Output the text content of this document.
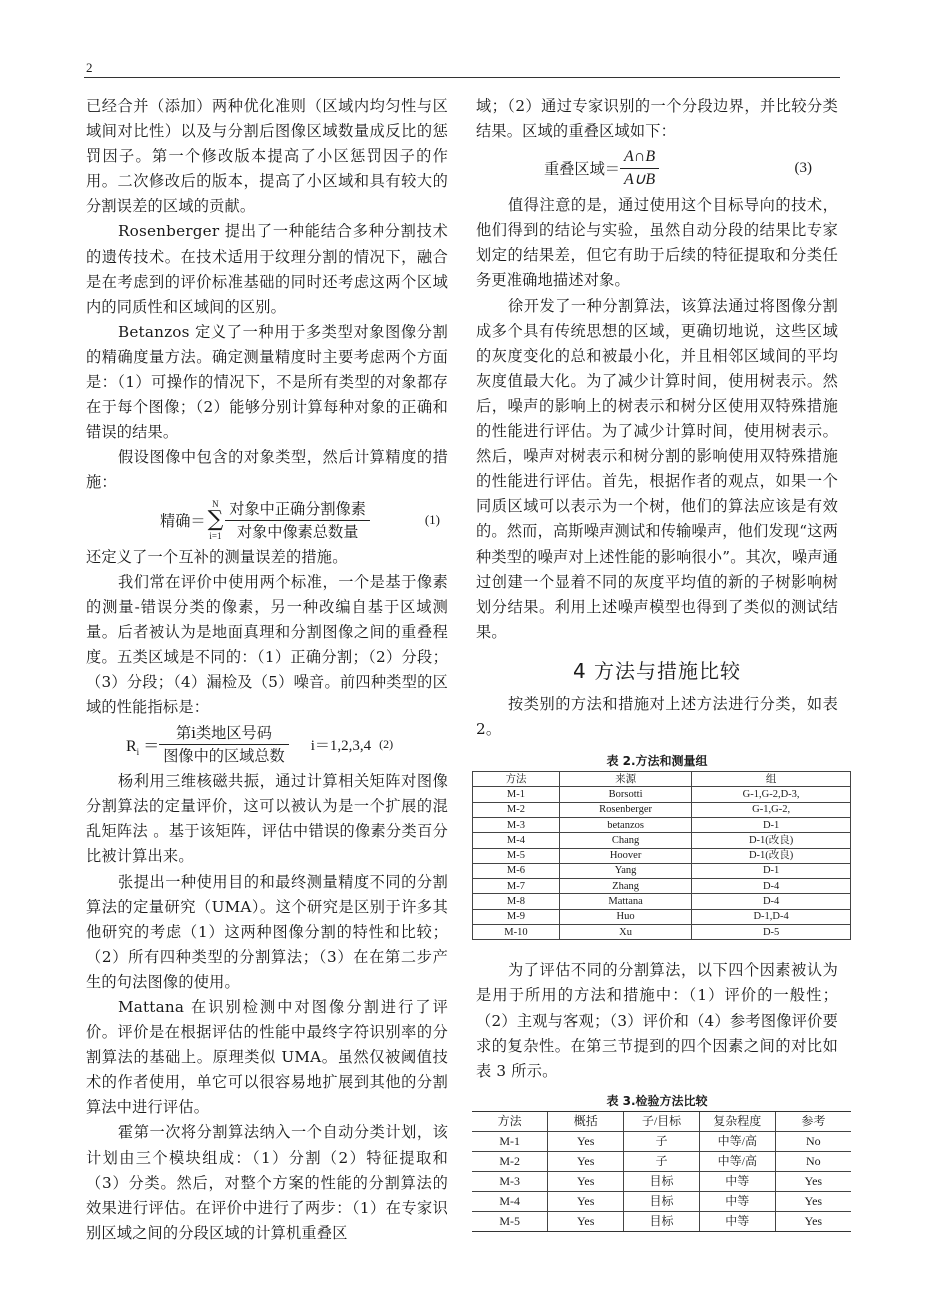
2

已经合并（添加）两种优化准则（区域内均匀性与区域间对比性）以及与分割后图像区域数量成反比的惩罚因子。第一个修改版本提高了小区惩罚因子的作用。二次修改后的版本，提高了小区域和具有较大的分割误差的区域的贡献。

Rosenberger 提出了一种能结合多种分割技术的遗传技术。在技术适用于纹理分割的情况下，融合是在考虑到的评价标准基础的同时还考虑这两个区域内的同质性和区域间的区别。

Betanzos 定义了一种用于多类型对象图像分割的精确度量方法。确定测量精度时主要考虑两个方面是：（1）可操作的情况下，不是所有类型的对象都存在于每个图像；（2）能够分别计算每种对象的正确和错误的结果。

假设图像中包含的对象类型，然后计算精度的措施：

精确＝
N
∑
$i=1 \frac{\text{对象中正确分割像素}}{\text{对象中像素总数量}}$	(1)

还定义了一个互补的测量误差的措施。

我们常在评价中使用两个标准，一个是基于像素的测量-错误分类的像素，另一种改编自基于区域测量。后者被认为是地面真理和分割图像之间的重叠程度。五类区域是不同的：（1）正确分割；（2）分段；（3）分段；（4）漏检及（5）噪音。前四种类型的区域的性能指标是：

$R_i = \frac{\text{第i类地区号码}}{\text{图像中的区域总数}} i=1,2,3,4$ (2)

杨利用三维核磁共振，通过计算相关矩阵对图像分割算法的定量评价，这可以被认为是一个扩展的混乱矩阵法 。基于该矩阵，评估中错误的像素分类百分比被计算出来。

张提出一种使用目的和最终测量精度不同的分割算法的定量研究（UMA）。这个研究是区别于许多其他研究的考虑（1）这两种图像分割的特性和比较；（2）所有四种类型的分割算法；（3）在在第二步产生的句法图像的使用。

Mattana 在识别检测中对图像分割进行了评价。评价是在根据评估的性能中最终字符识别率的分割算法的基础上。原理类似 UMA。虽然仅被阈值技术的作者使用，单它可以很容易地扩展到其他的分割算法中进行评估。

霍第一次将分割算法纳入一个自动分类计划，该计划由三个模块组成：（1）分割（2）特征提取和（3）分类。然后，对整个方案的性能的分割算法的效果进行评估。在评价中进行了两步：（1）在专家识别区域之间的分段区域的计算机重叠区

域；（2）通过专家识别的一个分段边界，并比较分类结果。区域的重叠区域如下：

重叠区域＝ $\frac{A\cap B}{A\cup B}$	(3)

值得注意的是，通过使用这个目标导向的技术，他们得到的结论与实验，虽然自动分段的结果比专家划定的结果差，但它有助于后续的特征提取和分类任务更准确地描述对象。

徐开发了一种分割算法，该算法通过将图像分割成多个具有传统思想的区域，更确切地说，这些区域的灰度变化的总和被最小化，并且相邻区域间的平均灰度值最大化。为了减少计算时间，使用树表示。然后，噪声的影响上的树表示和树分区使用双特殊措施的性能进行评估。为了减少计算时间，使用树表示。然后，噪声对树表示和树分割的影响使用双特殊措施的性能进行评估。首先，根据作者的观点，如果一个同质区域可以表示为一个树，他们的算法应该是有效的。然而，高斯噪声测试和传输噪声，他们发现“这两种类型的噪声对上述性能的影响很小”。其次，噪声通过创建一个显着不同的灰度平均值的新的子树影响树划分结果。利用上述噪声模型也得到了类似的测试结果。

4 方法与措施比较

按类别的方法和措施对上述方法进行分类，如表 2。

表 2.方法和测量组
方法	来源	组
M-1	Borsotti	G-1,G-2,D-3,
M-2	Rosenberger	G-1,G-2,
M-3	betanzos	D-1
M-4	Chang	D-1(改良)
M-5	Hoover	D-1(改良)
M-6	Yang	D-1
M-7	Zhang	D-4
M-8	Mattana	D-4
M-9	Huo	D-1,D-4
M-10	Xu	D-5

为了评估不同的分割算法，以下四个因素被认为是用于所用的方法和措施中：（1）评价的一般性；（2）主观与客观；（3）评价和（4）参考图像评价要求的复杂性。在第三节提到的四个因素之间的对比如表 3 所示。

表 3.检验方法比较
方法	概括	子/目标	复杂程度	参考
M-1	Yes	子	中等/高	No
M-2	Yes	子	中等/高	No
M-3	Yes	目标	中等	Yes
M-4	Yes	目标	中等	Yes
M-5	Yes	目标	中等	Yes
